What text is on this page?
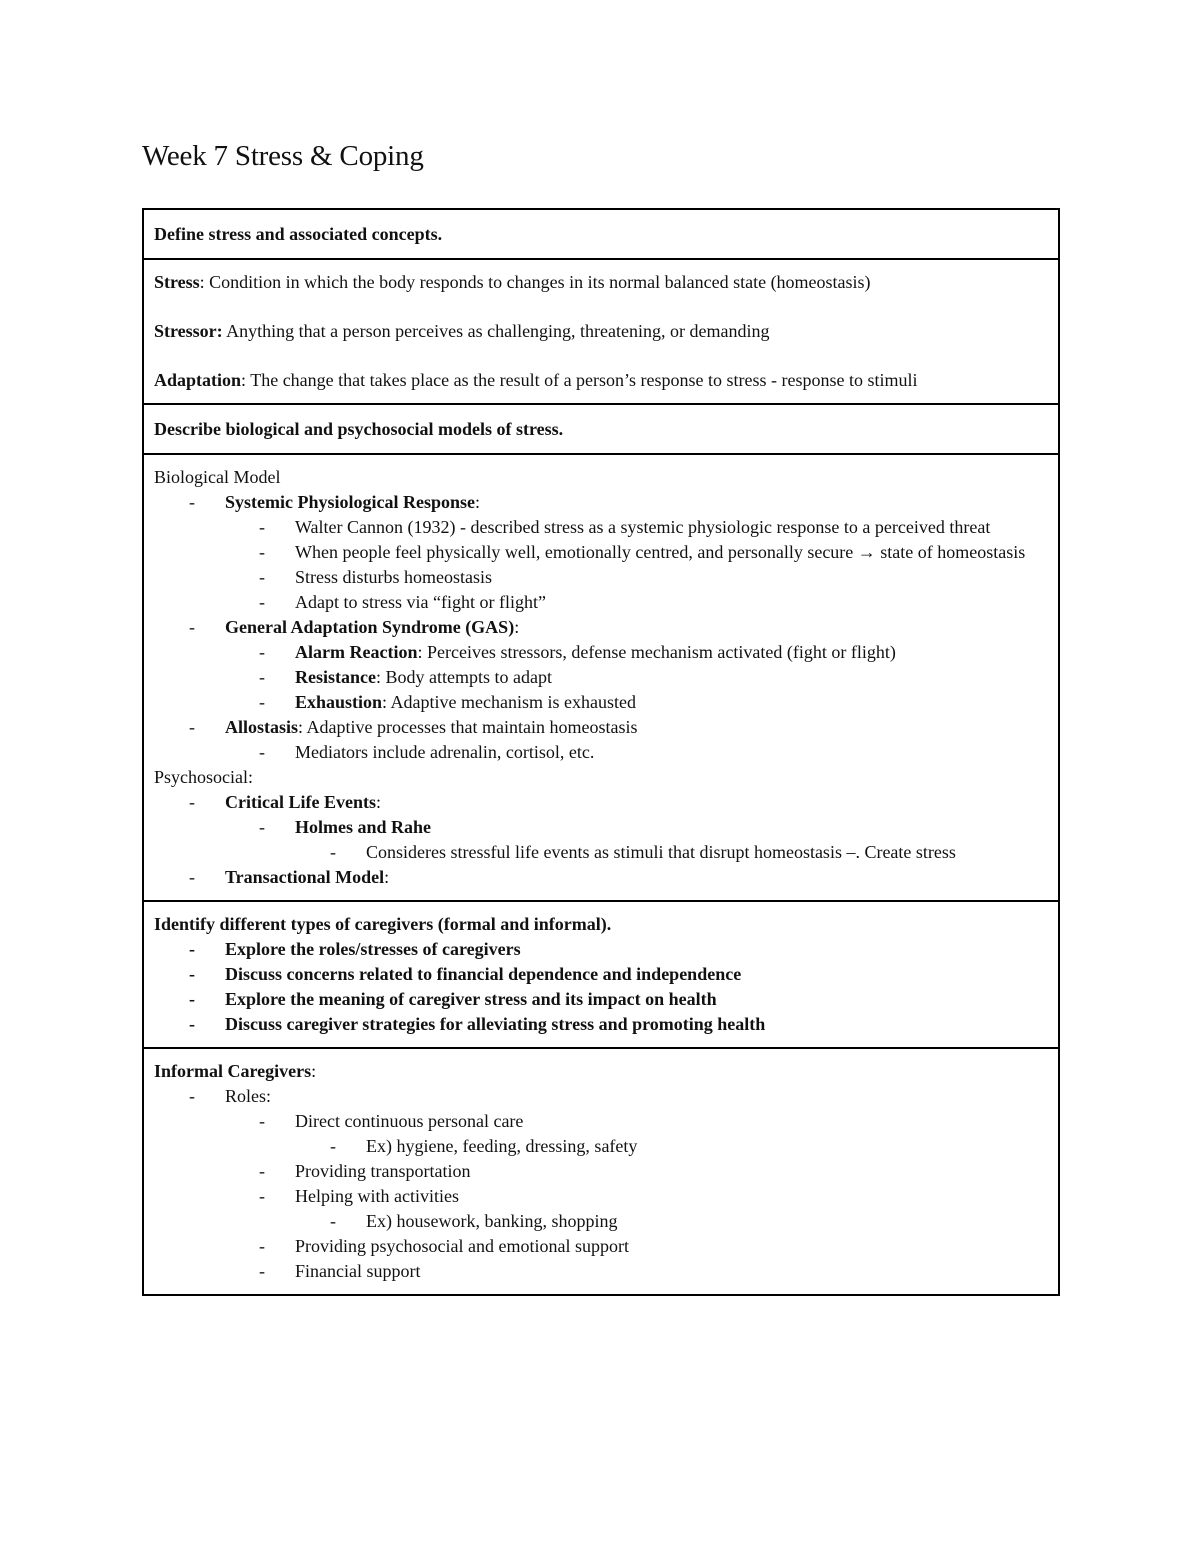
Week 7 Stress & Coping
Define stress and associated concepts.

Stress: Condition in which the body responds to changes in its normal balanced state (homeostasis)

Stressor: Anything that a person perceives as challenging, threatening, or demanding

Adaptation: The change that takes place as the result of a person’s response to stress - response to stimuli

Describe biological and psychosocial models of stress.

Biological Model

- Systemic Physiological Response:

- Walter Cannon (1932) - described stress as a systemic physiologic response to a perceived threat

- When people feel physically well, emotionally centred, and personally secure → state of homeostasis

- Stress disturbs homeostasis

- Adapt to stress via “fight or flight”

- General Adaptation Syndrome (GAS):

- Alarm Reaction: Perceives stressors, defense mechanism activated (fight or flight)

- Resistance: Body attempts to adapt

- Exhaustion: Adaptive mechanism is exhausted

- Allostasis: Adaptive processes that maintain homeostasis

- Mediators include adrenalin, cortisol, etc.

Psychosocial:

- Critical Life Events:

- Holmes and Rahe

- Consideres stressful life events as stimuli that disrupt homeostasis –. Create stress

- Transactional Model:

Identify different types of caregivers (formal and informal).

- Explore the roles/stresses of caregivers

- Discuss concerns related to financial dependence and independence

- Explore the meaning of caregiver stress and its impact on health

- Discuss caregiver strategies for alleviating stress and promoting health

Informal Caregivers:

- Roles:

- Direct continuous personal care

- Ex) hygiene, feeding, dressing, safety

- Providing transportation

- Helping with activities

- Ex) housework, banking, shopping

- Providing psychosocial and emotional support

- Financial support
